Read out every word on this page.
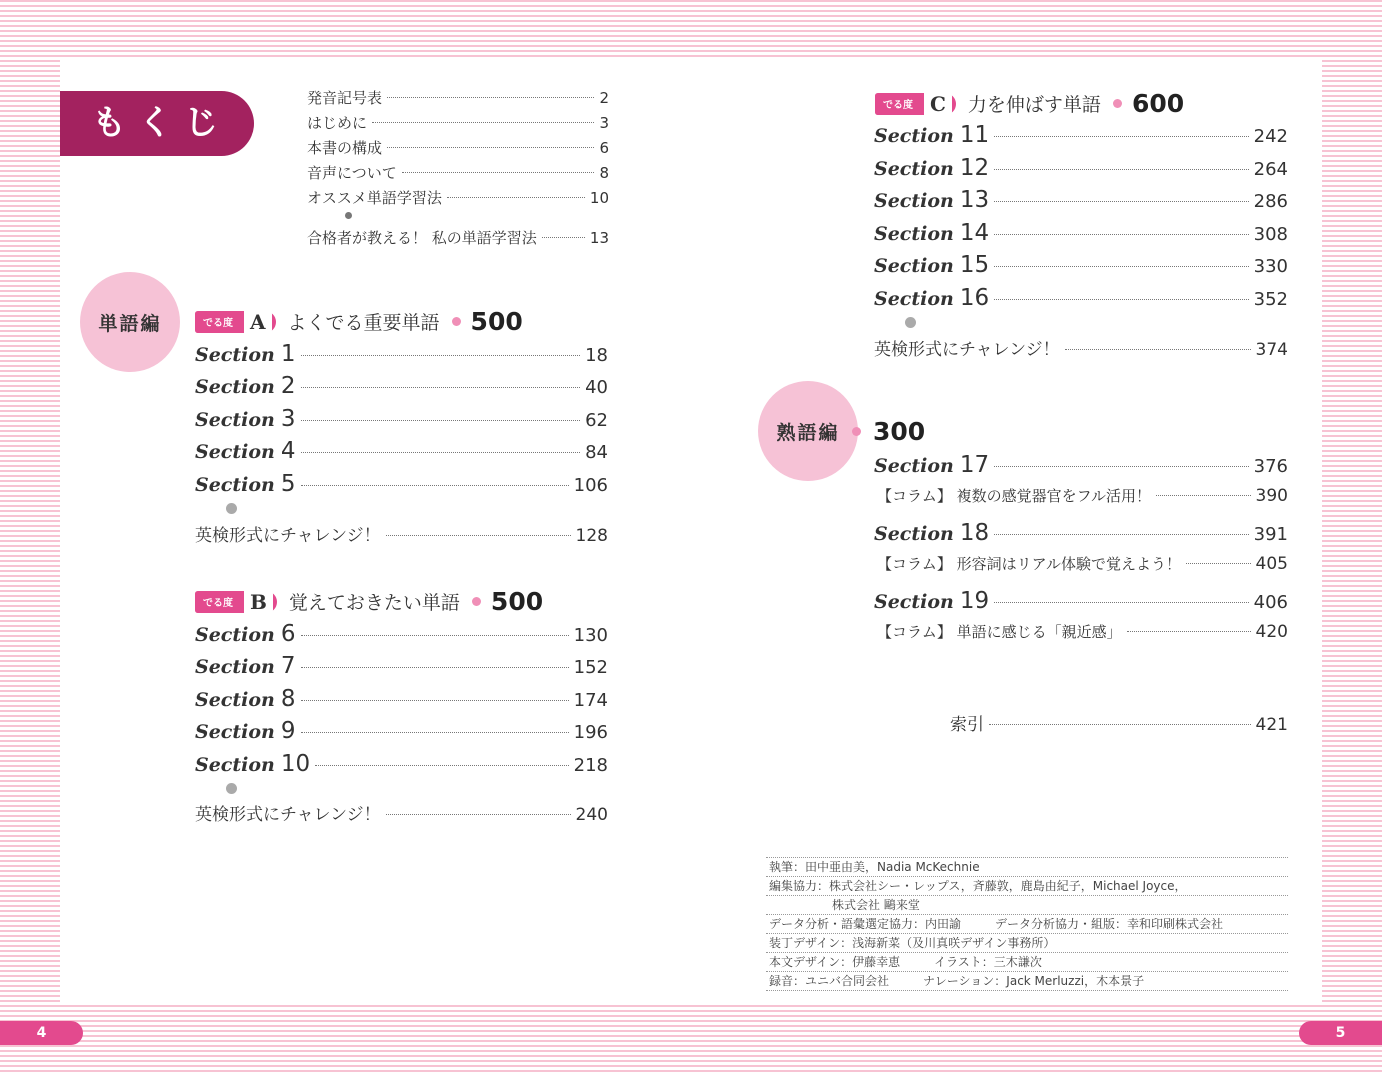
もくじ
発音記号表	2
はじめに	3
本書の構成	6
音声について	8
オススメ単語学習法	10
合格者が教える！ 私の単語学習法	13
単語編	でる度 A	よくでる重要単語 500
Section 1	18
Section 2	40
Section 3	62
Section 4	84
Section 5	106
英検形式にチャレンジ！	128
でる度 B	覚えておきたい単語 500
Section 6	130
Section 7	152
Section 8	174
Section 9	196
Section 10	218
英検形式にチャレンジ！	240
でる度 C	力を伸ばす単語 600
Section 11	242
Section 12	264
Section 13	286
Section 14	308
Section 15	330
Section 16	352
英検形式にチャレンジ！	374
熟語編	300
Section 17	376
【コラム】 複数の感覚器官をフル活用！	390
Section 18	391
【コラム】 形容詞はリアル体験で覚えよう！	405
Section 19	406
【コラム】 単語に感じる「親近感」	420
索引	421
執筆：田中亜由美，Nadia McKechnie
編集協力：株式会社シー・レップス，斉藤敦，鹿島由紀子，Michael Joyce，
株式会社 鷗来堂
データ分析・語彙選定協力：内田諭	データ分析協力・組版：幸和印刷株式会社
装丁デザイン：浅海新菜（及川真咲デザイン事務所）
本文デザイン：伊藤幸恵	イラスト：三木謙次
録音：ユニバ合同会社	ナレーション：Jack Merluzzi，木本景子
4	5
